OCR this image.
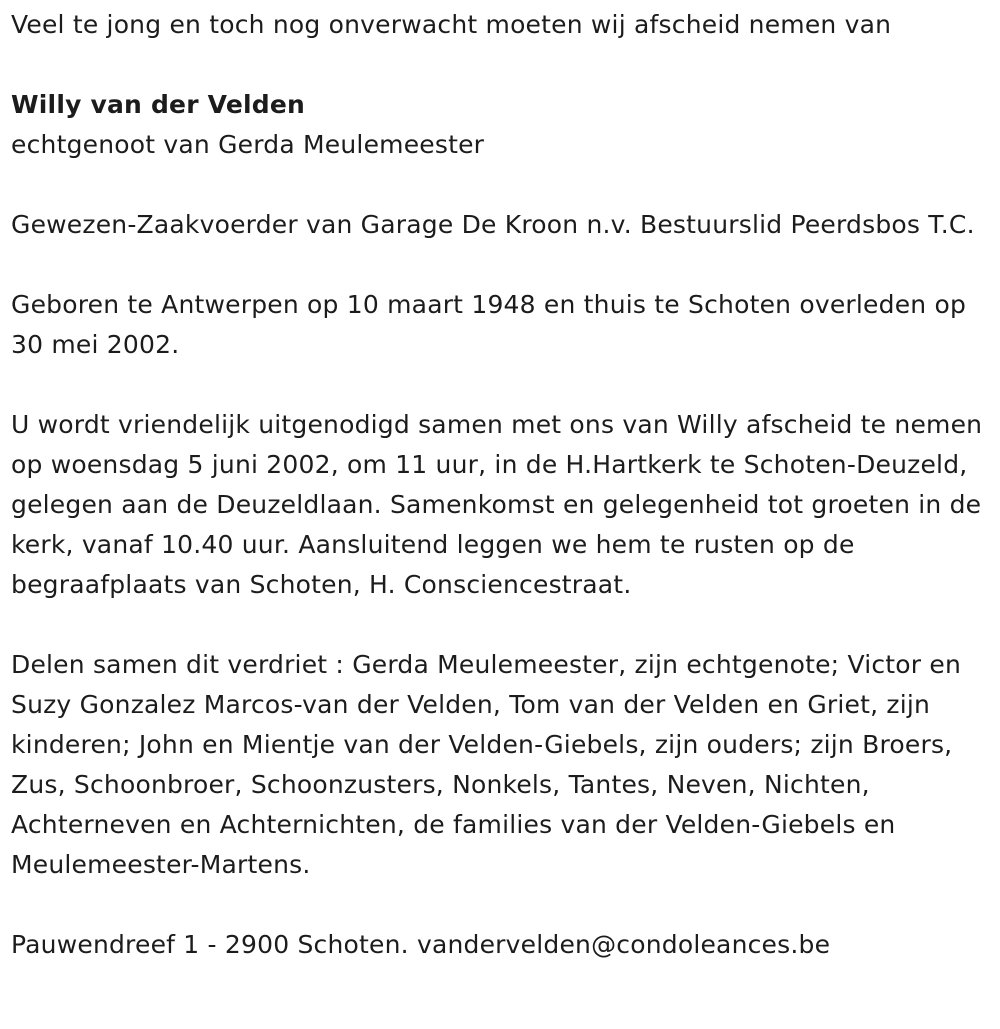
Veel te jong en toch nog onverwacht moeten wij afscheid nemen van

Willy van der Velden

echtgenoot van Gerda Meulemeester

Gewezen-Zaakvoerder van Garage De Kroon n.v. Bestuurslid Peerdsbos T.C.

Geboren te Antwerpen op 10 maart 1948 en thuis te Schoten overleden op 30 mei 2002.

U wordt vriendelijk uitgenodigd samen met ons van Willy afscheid te nemen op woensdag 5 juni 2002, om 11 uur, in de H.Hartkerk te Schoten-Deuzeld, gelegen aan de Deuzeldlaan. Samenkomst en gelegenheid tot groeten in de kerk, vanaf 10.40 uur. Aansluitend leggen we hem te rusten op de begraafplaats van Schoten, H. Consciencestraat.

Delen samen dit verdriet : Gerda Meulemeester, zijn echtgenote; Victor en Suzy Gonzalez Marcos-van der Velden, Tom van der Velden en Griet, zijn kinderen; John en Mientje van der Velden-Giebels, zijn ouders; zijn Broers, Zus, Schoonbroer, Schoonzusters, Nonkels, Tantes, Neven, Nichten, Achterneven en Achternichten, de families van der Velden-Giebels en Meulemeester-Martens.

Pauwendreef 1 - 2900 Schoten. vandervelden@condoleances.be
